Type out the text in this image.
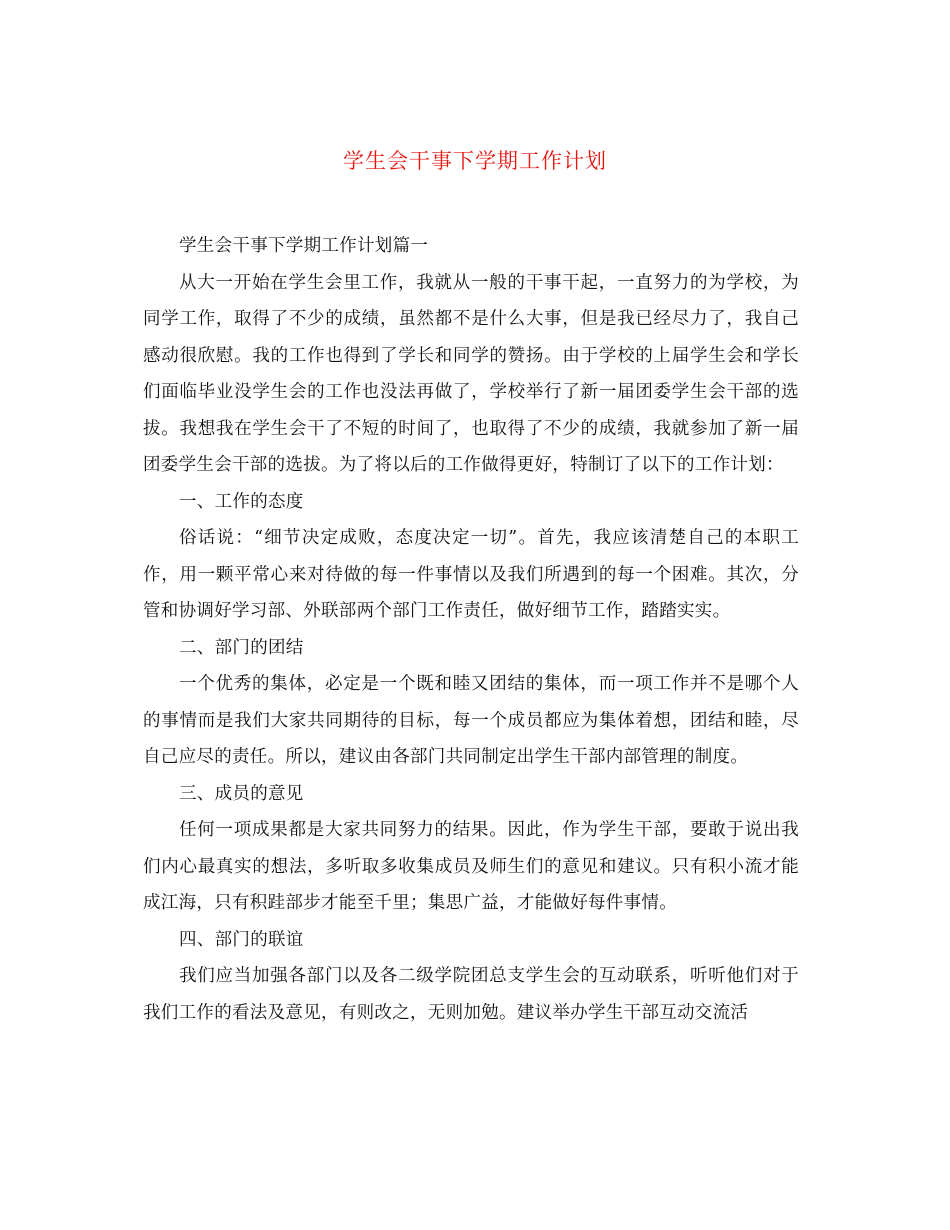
学生会干事下学期工作计划

学生会干事下学期工作计划篇一

从大一开始在学生会里工作，我就从一般的干事干起，一直努力的为学校，为同学工作，取得了不少的成绩，虽然都不是什么大事，但是我已经尽力了，我自己感动很欣慰。我的工作也得到了学长和同学的赞扬。由于学校的上届学生会和学长们面临毕业没学生会的工作也没法再做了，学校举行了新一届团委学生会干部的选拔。我想我在学生会干了不短的时间了，也取得了不少的成绩，我就参加了新一届团委学生会干部的选拔。为了将以后的工作做得更好，特制订了以下的工作计划：

一、工作的态度

俗话说：“细节决定成败，态度决定一切”。首先，我应该清楚自己的本职工作，用一颗平常心来对待做的每一件事情以及我们所遇到的每一个困难。其次，分管和协调好学习部、外联部两个部门工作责任，做好细节工作，踏踏实实。

二、部门的团结

一个优秀的集体，必定是一个既和睦又团结的集体，而一项工作并不是哪个人的事情而是我们大家共同期待的目标，每一个成员都应为集体着想，团结和睦，尽自己应尽的责任。所以，建议由各部门共同制定出学生干部内部管理的制度。

三、成员的意见

任何一项成果都是大家共同努力的结果。因此，作为学生干部，要敢于说出我们内心最真实的想法，多听取多收集成员及师生们的意见和建议。只有积小流才能成江海，只有积跬部步才能至千里；集思广益，才能做好每件事情。

四、部门的联谊

我们应当加强各部门以及各二级学院团总支学生会的互动联系，听听他们对于我们工作的看法及意见，有则改之，无则加勉。建议举办学生干部互动交流活
